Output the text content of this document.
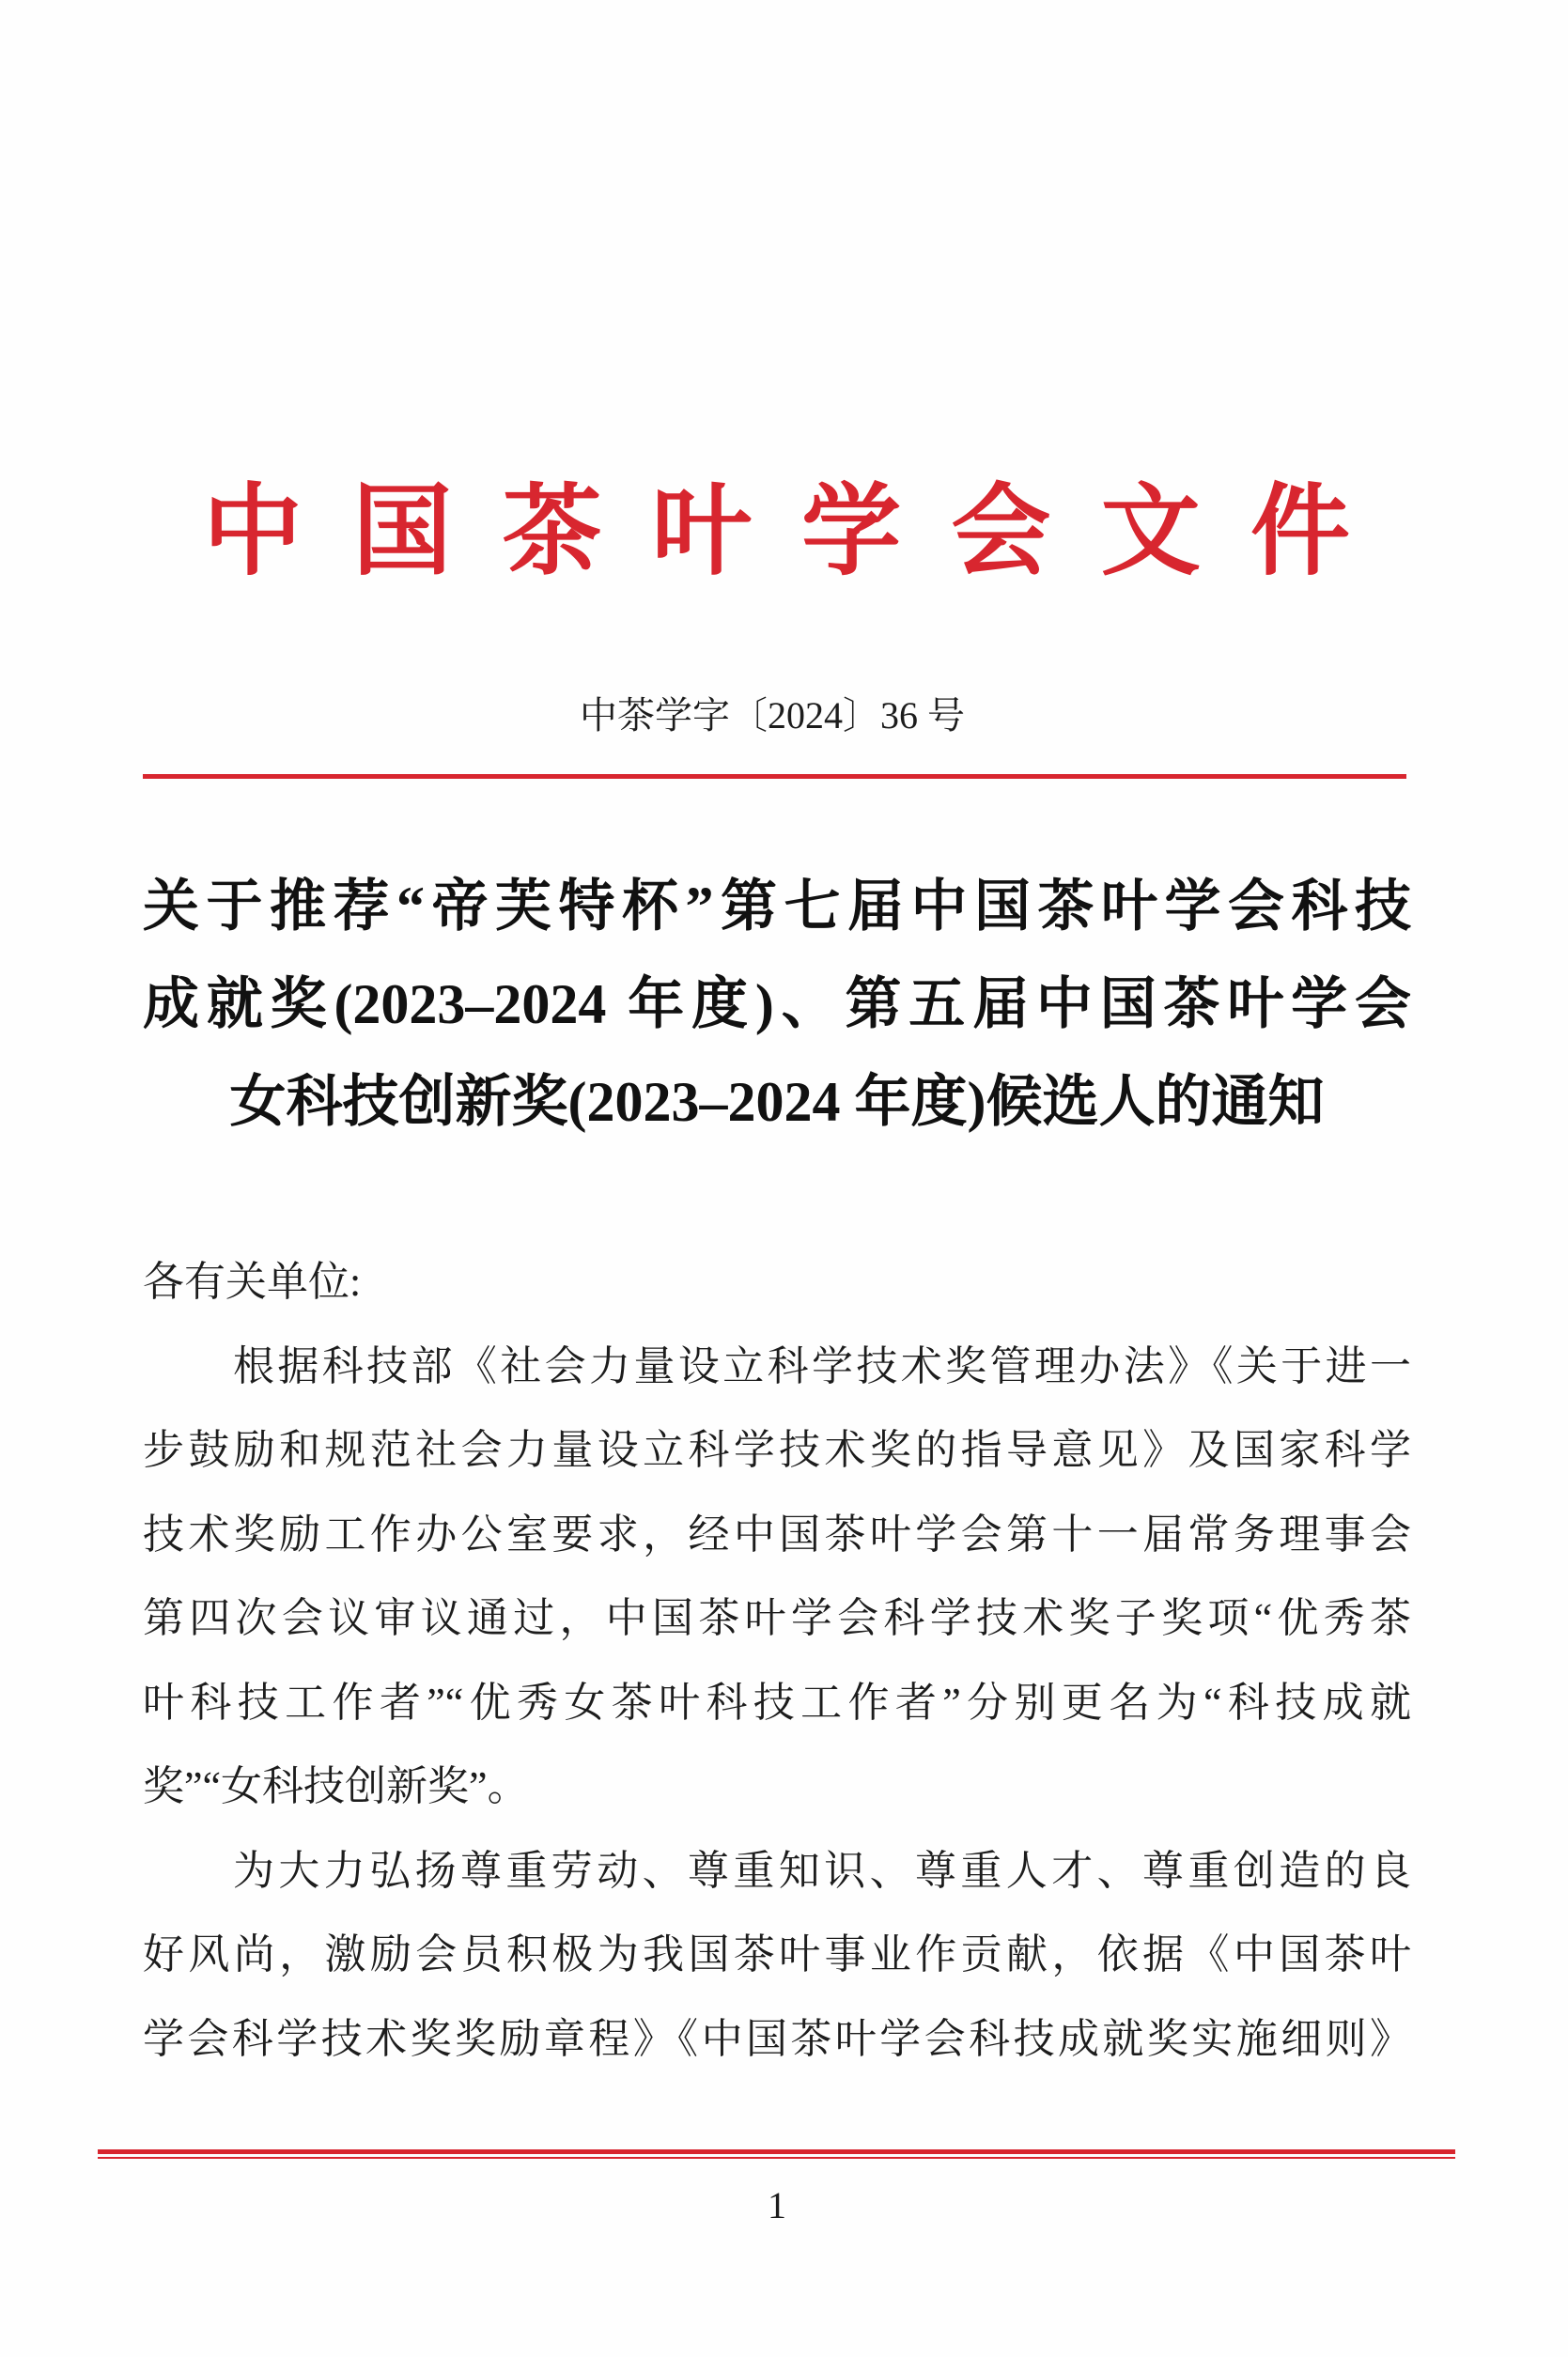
中国茶叶学会文件
中茶学字〔2024〕36 号
关于推荐“帝芙特杯”第七届中国茶叶学会科技
成就奖(2023–2024 年度)、第五届中国茶叶学会
女科技创新奖(2023–2024 年度)候选人的通知
各有关单位:
根据科技部《社会力量设立科学技术奖管理办法》《关于进一
步鼓励和规范社会力量设立科学技术奖的指导意见》及国家科学
技术奖励工作办公室要求，经中国茶叶学会第十一届常务理事会
第四次会议审议通过，中国茶叶学会科学技术奖子奖项“优秀茶
叶科技工作者”“优秀女茶叶科技工作者”分别更名为“科技成就
奖”“女科技创新奖”。
为大力弘扬尊重劳动、尊重知识、尊重人才、尊重创造的良
好风尚，激励会员积极为我国茶叶事业作贡献，依据《中国茶叶
学会科学技术奖奖励章程》《中国茶叶学会科技成就奖实施细则》
1
